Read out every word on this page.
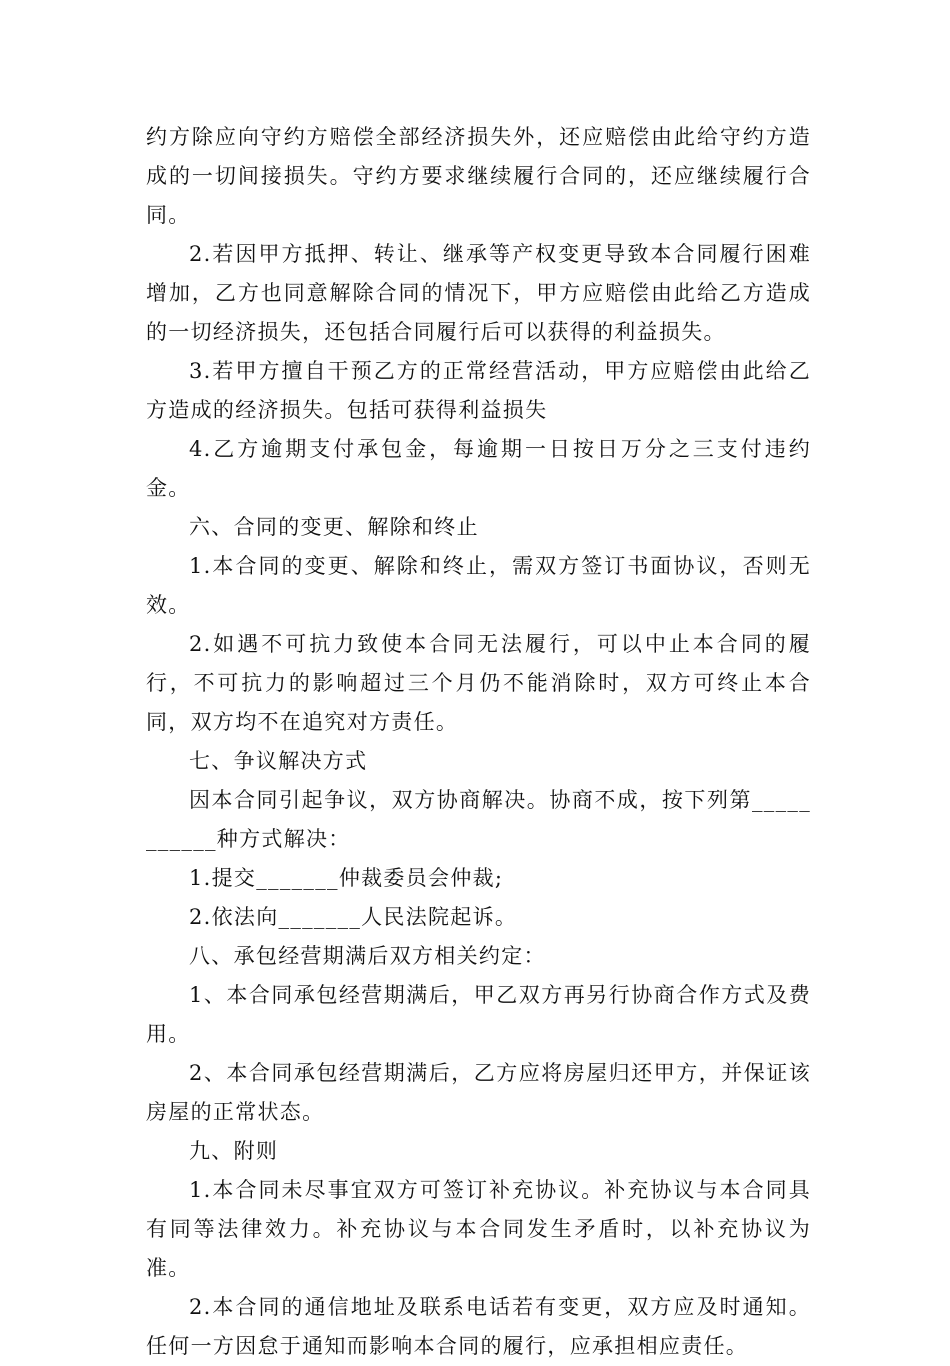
约方除应向守约方赔偿全部经济损失外，还应赔偿由此给守约方造成的一切间接损失。守约方要求继续履行合同的，还应继续履行合同。

2.若因甲方抵押、转让、继承等产权变更导致本合同履行困难增加，乙方也同意解除合同的情况下，甲方应赔偿由此给乙方造成的一切经济损失，还包括合同履行后可以获得的利益损失。

3.若甲方擅自干预乙方的正常经营活动，甲方应赔偿由此给乙方造成的经济损失。包括可获得利益损失

4.乙方逾期支付承包金，每逾期一日按日万分之三支付违约金。

六、合同的变更、解除和终止

1.本合同的变更、解除和终止，需双方签订书面协议，否则无效。

2.如遇不可抗力致使本合同无法履行，可以中止本合同的履行，不可抗力的影响超过三个月仍不能消除时，双方可终止本合同，双方均不在追究对方责任。

七、争议解决方式

因本合同引起争议，双方协商解决。协商不成，按下列第___________种方式解决：

1.提交_______仲裁委员会仲裁;

2.依法向_______人民法院起诉。

八、承包经营期满后双方相关约定：

1、本合同承包经营期满后，甲乙双方再另行协商合作方式及费用。

2、本合同承包经营期满后，乙方应将房屋归还甲方，并保证该房屋的正常状态。

九、附则

1.本合同未尽事宜双方可签订补充协议。补充协议与本合同具有同等法律效力。补充协议与本合同发生矛盾时，以补充协议为准。

2.本合同的通信地址及联系电话若有变更，双方应及时通知。任何一方因怠于通知而影响本合同的履行，应承担相应责任。
